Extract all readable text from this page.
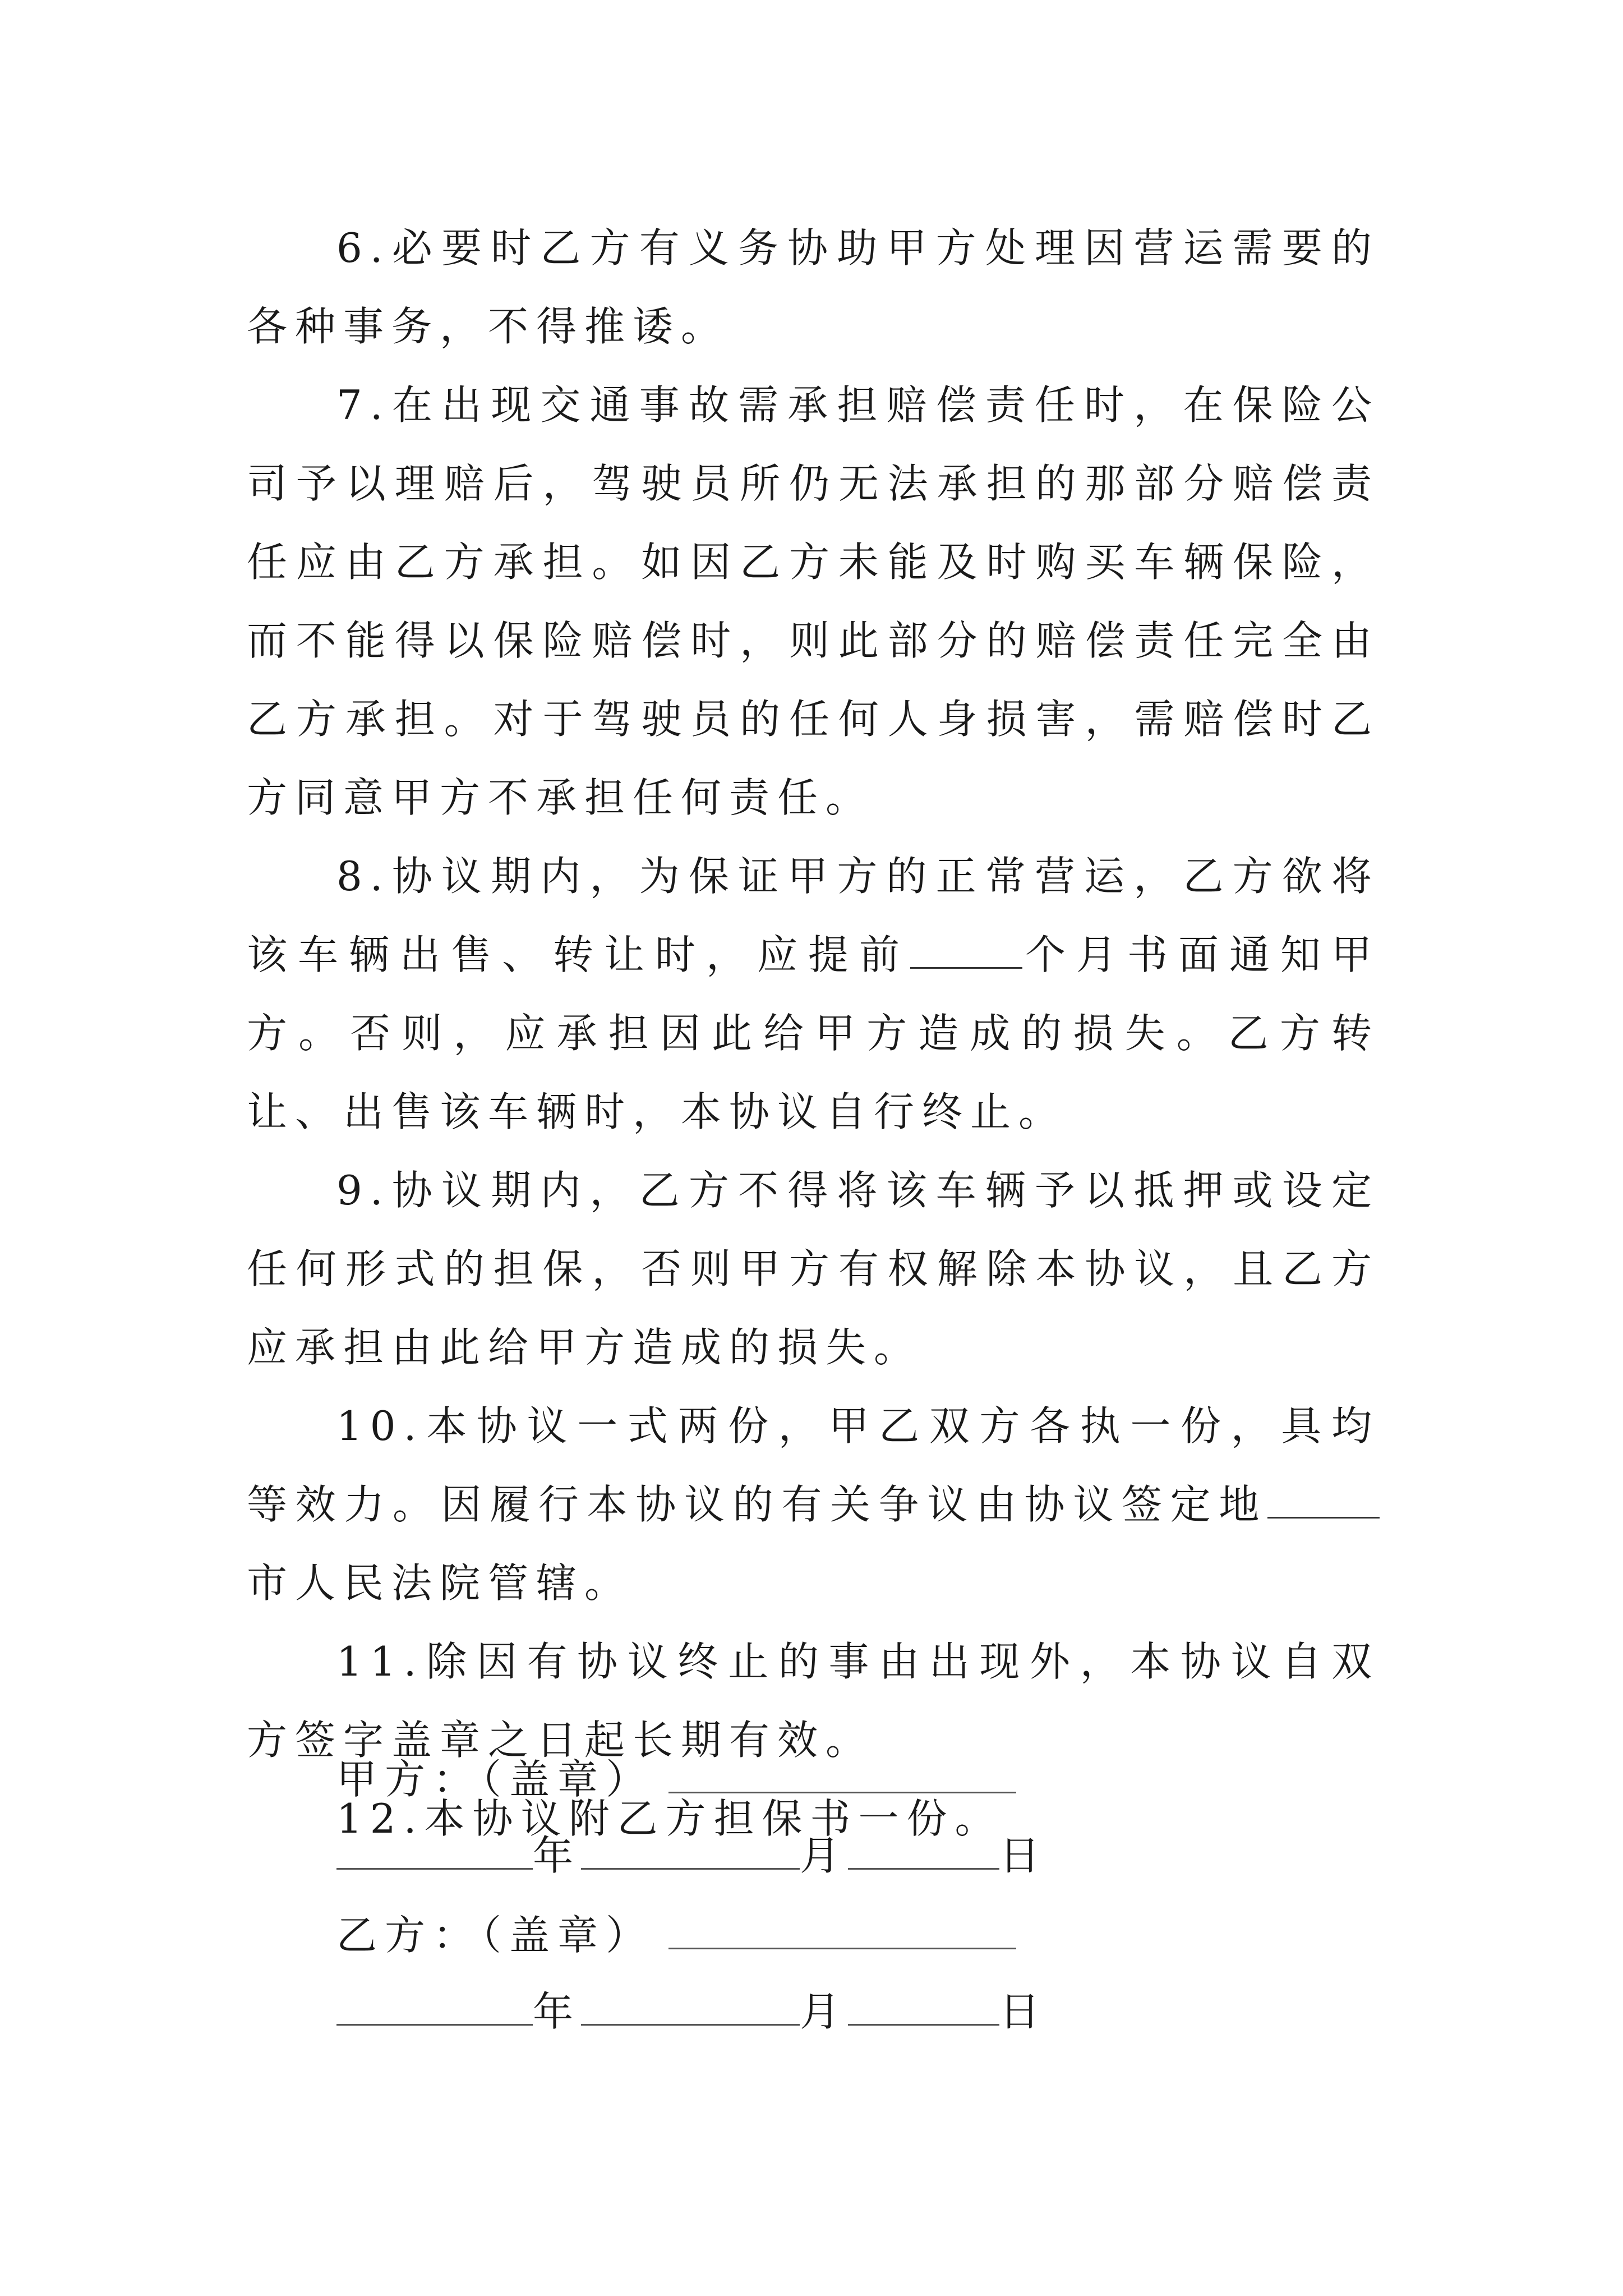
6.必要时乙方有义务协助甲方处理因营运需要的各种事务，不得推诿。

7.在出现交通事故需承担赔偿责任时，在保险公司予以理赔后，驾驶员所仍无法承担的那部分赔偿责任应由乙方承担。如因乙方未能及时购买车辆保险，而不能得以保险赔偿时，则此部分的赔偿责任完全由乙方承担。对于驾驶员的任何人身损害，需赔偿时乙方同意甲方不承担任何责任。

8.协议期内，为保证甲方的正常营运，乙方欲将该车辆出售、转让时，应提前	个月书面通知甲方。否则，应承担因此给甲方造成的损失。乙方转让、出售该车辆时，本协议自行终止。

9.协议期内，乙方不得将该车辆予以抵押或设定任何形式的担保，否则甲方有权解除本协议，且乙方应承担由此给甲方造成的损失。

10.本协议一式两份，甲乙双方各执一份，具均等效力。因履行本协议的有关争议由协议签定地市人民法院管辖。

11.除因有协议终止的事由出现外，本协议自双方签字盖章之日起长期有效。

12.本协议附乙方担保书一份。

甲方：（盖章）
年	月	日
乙方：（盖章）
年	月	日
